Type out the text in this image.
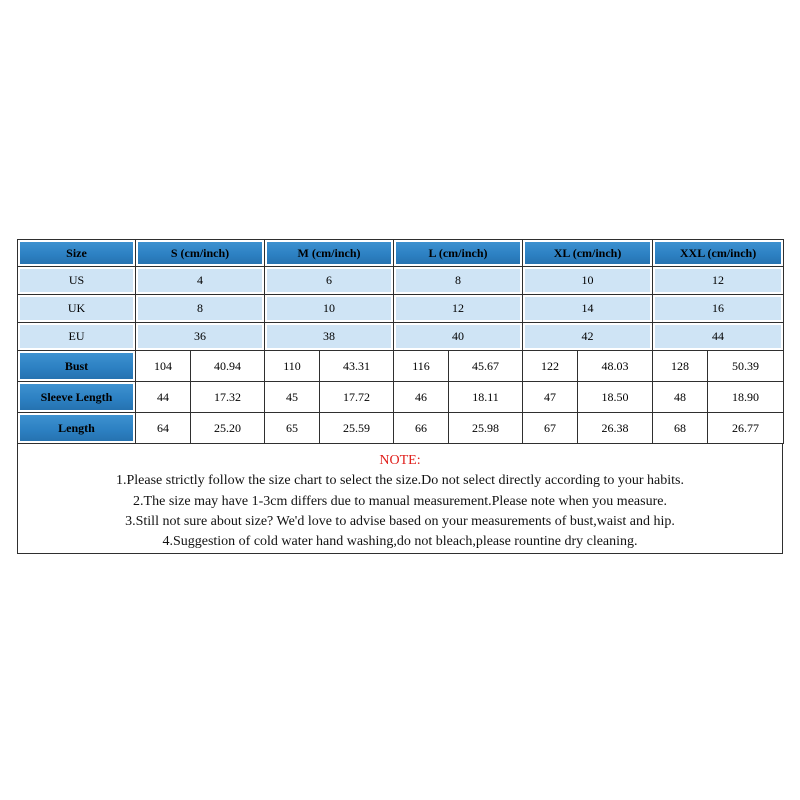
Size	S (cm/inch)		M (cm/inch)		L (cm/inch)		XL (cm/inch)		XXL (cm/inch)	
US	4		6		8		10		12	
UK	8		10		12		14		16	
EU	36		38		40		42		44	
Bust	104	40.94	110	43.31	116	45.67	122	48.03	128	50.39
Sleeve Length	44	17.32	45	17.72	46	18.11	47	18.50	48	18.90
Length	64	25.20	65	25.59	66	25.98	67	26.38	68	26.77
NOTE:
1.Please strictly follow the size chart to select the size.Do not select directly according to your habits.
2.The size may have 1-3cm differs due to manual measurement.Please note when you measure.
3.Still not sure about size? We'd love to advise based on your measurements of bust,waist and hip.
4.Suggestion of cold water hand washing,do not bleach,please rountine dry cleaning.
